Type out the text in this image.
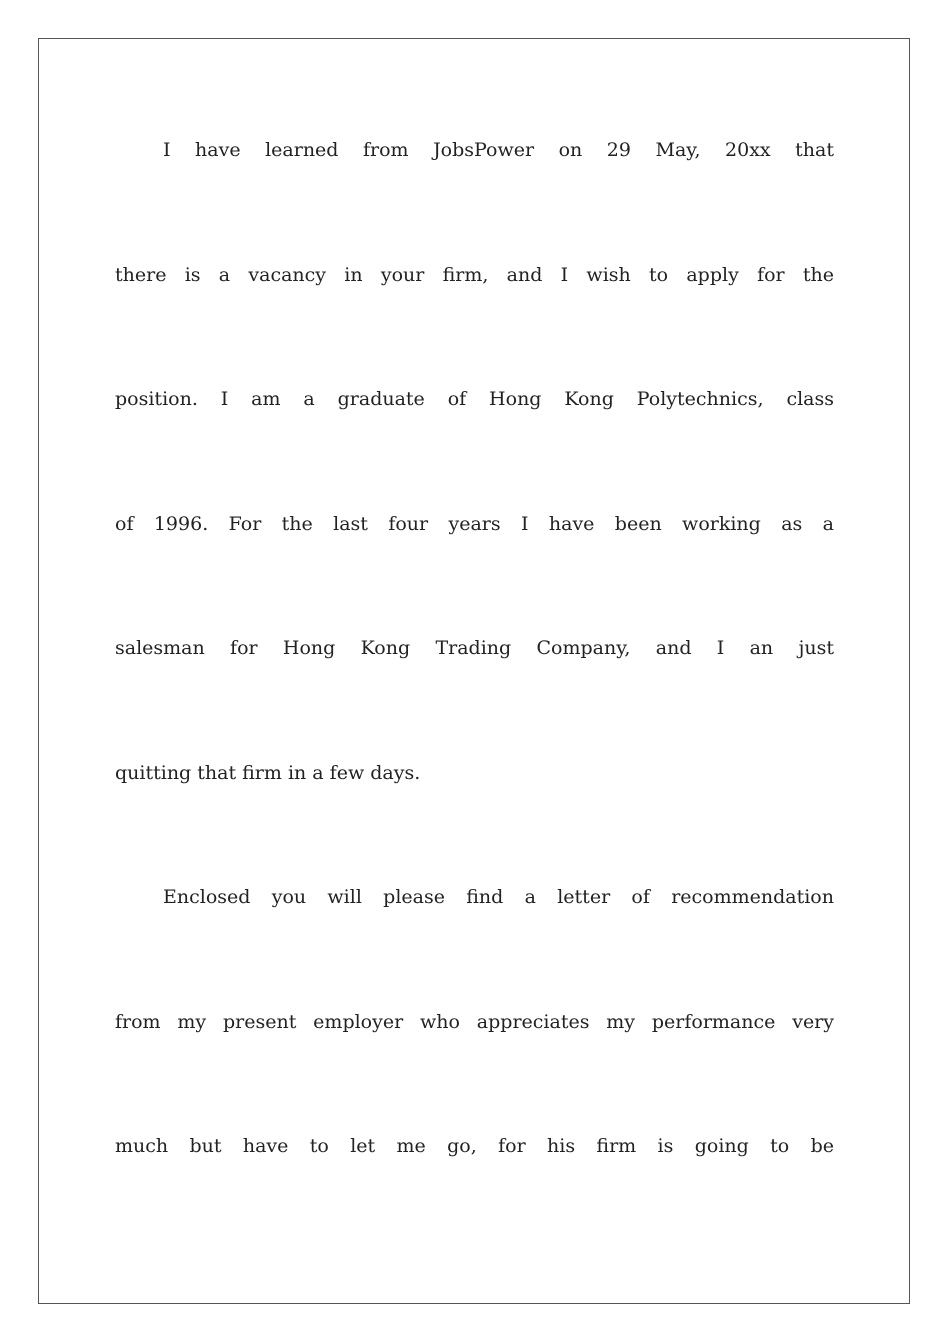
I have learned from JobsPower on 29 May, 20xx that
there is a vacancy in your firm, and I wish to apply for the
position. I am a graduate of Hong Kong Polytechnics, class
of 1996. For the last four years I have been working as a
salesman for Hong Kong Trading Company, and I an just
quitting that firm in a few days.
Enclosed you will please find a letter of recommendation
from my present employer who appreciates my performance very
much but have to let me go, for his firm is going to be
